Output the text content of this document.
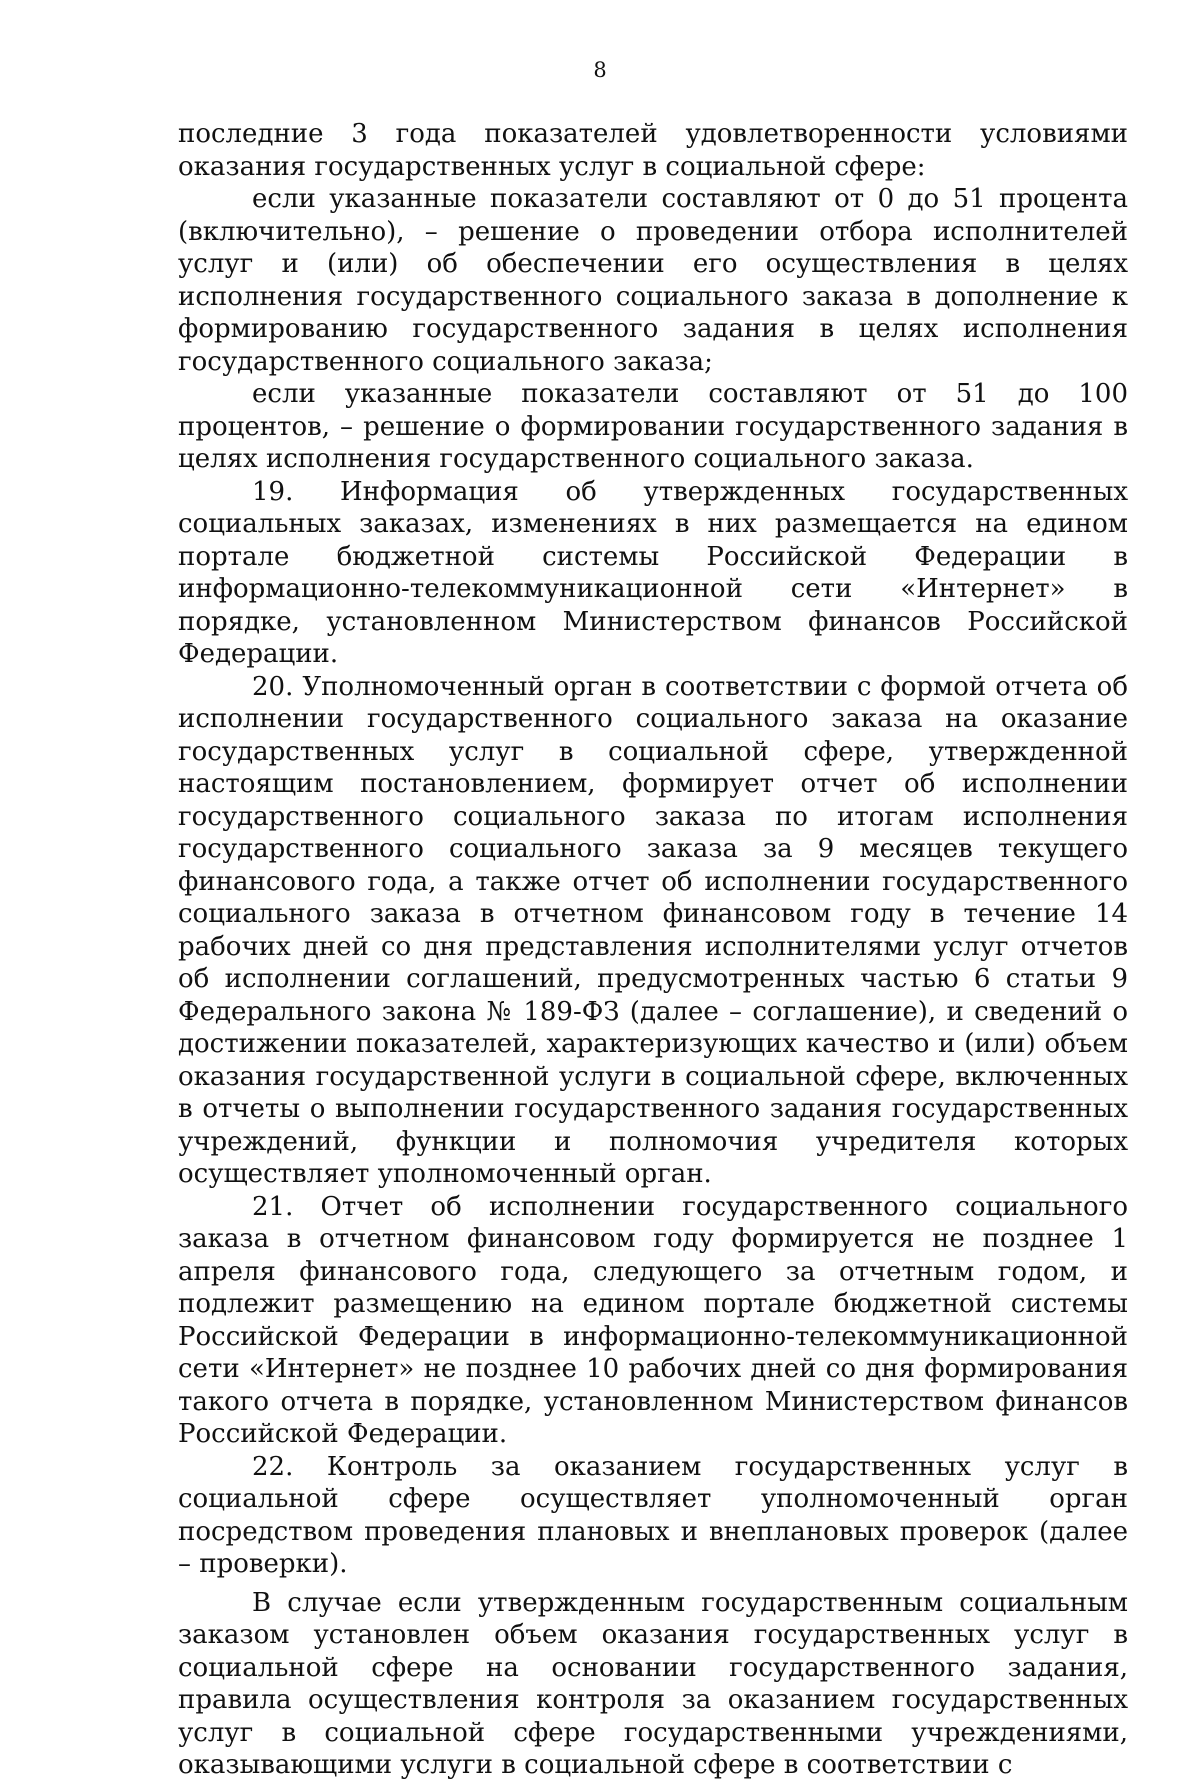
8

последние 3 года показателей удовлетворенности условиями оказания государственных услуг в социальной сфере:

если указанные показатели составляют от 0 до 51 процента (включительно), – решение о проведении отбора исполнителей услуг и (или) об обеспечении его осуществления в целях исполнения государственного социального заказа в дополнение к формированию государственного задания в целях исполнения государственного социального заказа;

если указанные показатели составляют от 51 до 100 процентов, – решение о формировании государственного задания в целях исполнения государственного социального заказа.

19. Информация об утвержденных государственных социальных заказах, изменениях в них размещается на едином портале бюджетной системы Российской Федерации в информационно-телекоммуникационной сети «Интернет» в порядке, установленном Министерством финансов Российской Федерации.

20. Уполномоченный орган в соответствии с формой отчета об исполнении государственного социального заказа на оказание государственных услуг в социальной сфере, утвержденной настоящим постановлением, формирует отчет об исполнении государственного социального заказа по итогам исполнения государственного социального заказа за 9 месяцев текущего финансового года, а также отчет об исполнении государственного социального заказа в отчетном финансовом году в течение 14 рабочих дней со дня представления исполнителями услуг отчетов об исполнении соглашений, предусмотренных частью 6 статьи 9 Федерального закона № 189-ФЗ (далее – соглашение), и сведений о достижении показателей, характеризующих качество и (или) объем оказания государственной услуги в социальной сфере, включенных в отчеты о выполнении государственного задания государственных учреждений, функции и полномочия учредителя которых осуществляет уполномоченный орган.

21. Отчет об исполнении государственного социального заказа в отчетном финансовом году формируется не позднее 1 апреля финансового года, следующего за отчетным годом, и подлежит размещению на едином портале бюджетной системы Российской Федерации в информационно-телекоммуникационной сети «Интернет» не позднее 10 рабочих дней со дня формирования такого отчета в порядке, установленном Министерством финансов Российской Федерации.

22. Контроль за оказанием государственных услуг в социальной сфере осуществляет уполномоченный орган посредством проведения плановых и внеплановых проверок (далее – проверки).

В случае если утвержденным государственным социальным заказом установлен объем оказания государственных услуг в социальной сфере на основании государственного задания, правила осуществления контроля за оказанием государственных услуг в социальной сфере государственными учреждениями, оказывающими услуги в социальной сфере в соответствии с
